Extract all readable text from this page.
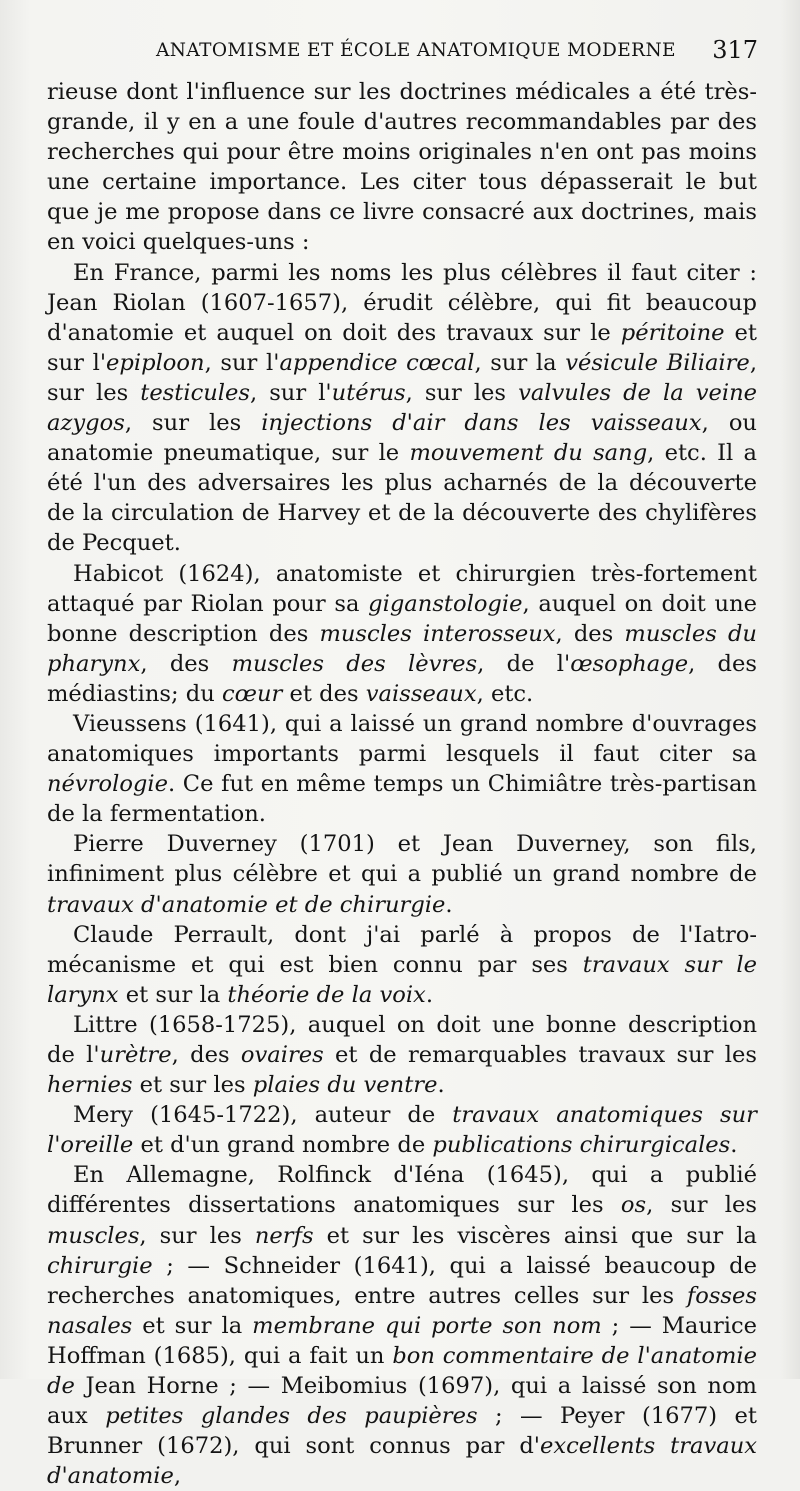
ANATOMISME ET ÉCOLE ANATOMIQUE MODERNE 317

rieuse dont l'influence sur les doctrines médicales a été très-grande, il y en a une foule d'autres recommandables par des recherches qui pour être moins originales n'en ont pas moins une certaine importance. Les citer tous dépasserait le but que je me propose dans ce livre consacré aux doctrines, mais en voici quelques-uns :

En France, parmi les noms les plus célèbres il faut citer : Jean Riolan (1607-1657), érudit célèbre, qui fit beaucoup d'anatomie et auquel on doit des travaux sur le péritoine et sur l'epiploon, sur l'appendice cœcal, sur la vésicule Biliaire, sur les testicules, sur l'utérus, sur les valvules de la veine azygos, sur les injections d'air dans les vaisseaux, ou anatomie pneumatique, sur le mouvement du sang, etc. Il a été l'un des adversaires les plus acharnés de la découverte de la circulation de Harvey et de la découverte des chylifères de Pecquet.

Habicot (1624), anatomiste et chirurgien très-fortement attaqué par Riolan pour sa giganstologie, auquel on doit une bonne description des muscles interosseux, des muscles du pharynx, des muscles des lèvres, de l'œsophage, des médiastins; du cœur et des vaisseaux, etc.

Vieussens (1641), qui a laissé un grand nombre d'ouvrages anatomiques importants parmi lesquels il faut citer sa névrologie. Ce fut en même temps un Chimiâtre très-partisan de la fermentation.

Pierre Duverney (1701) et Jean Duverney, son fils, infiniment plus célèbre et qui a publié un grand nombre de travaux d'anatomie et de chirurgie.

Claude Perrault, dont j'ai parlé à propos de l'Iatro-mécanisme et qui est bien connu par ses travaux sur le larynx et sur la théorie de la voix.

Littre (1658-1725), auquel on doit une bonne description de l'urètre, des ovaires et de remarquables travaux sur les hernies et sur les plaies du ventre.

Mery (1645-1722), auteur de travaux anatomiques sur l'oreille et d'un grand nombre de publications chirurgicales.

En Allemagne, Rolfinck d'Iéna (1645), qui a publié différentes dissertations anatomiques sur les os, sur les muscles, sur les nerfs et sur les viscères ainsi que sur la chirurgie ; — Schneider (1641), qui a laissé beaucoup de recherches anatomiques, entre autres celles sur les fosses nasales et sur la membrane qui porte son nom ; — Maurice Hoffman (1685), qui a fait un bon commentaire de l'anatomie de Jean Horne ; — Meibomius (1697), qui a laissé son nom aux petites glandes des paupières ; — Peyer (1677) et Brunner (1672), qui sont connus par d'excellents travaux d'anatomie,
